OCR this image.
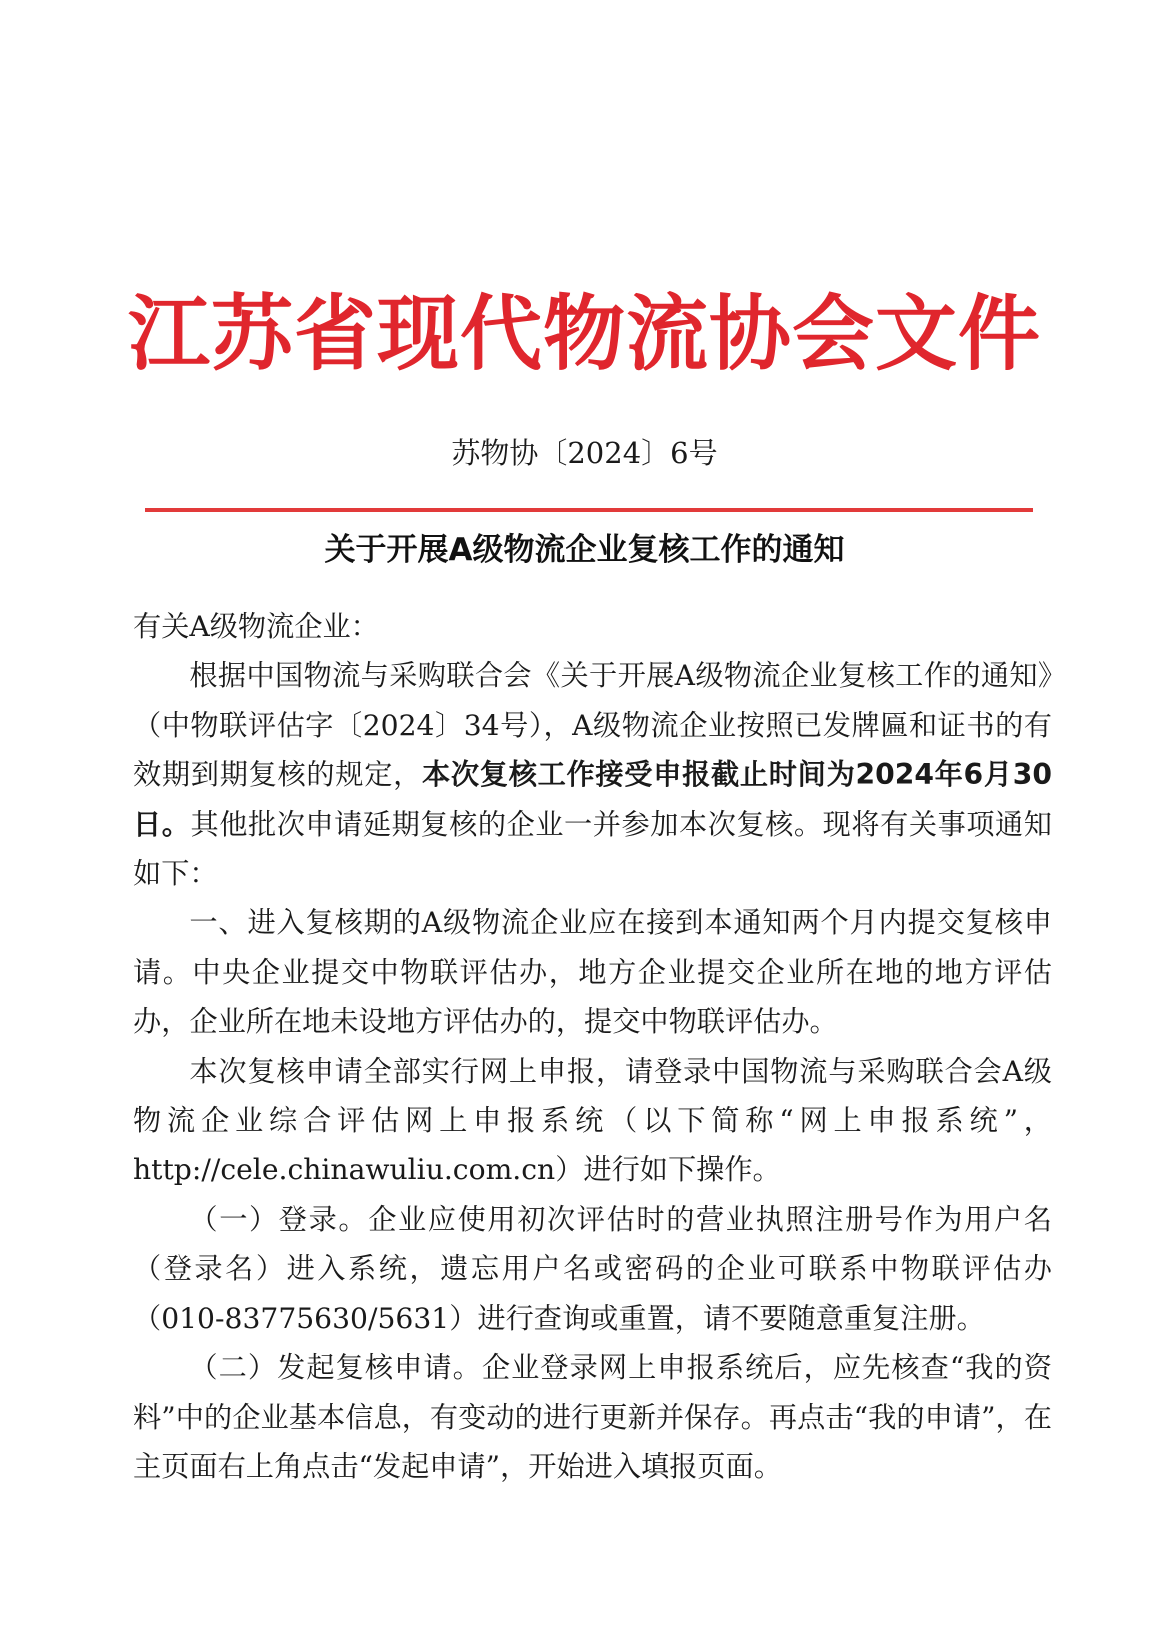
江苏省现代物流协会文件
苏物协〔2024〕6号
关于开展A级物流企业复核工作的通知

有关A级物流企业：

根据中国物流与采购联合会《关于开展A级物流企业复核工作的通知》（中物联评估字〔2024〕34号），A级物流企业按照已发牌匾和证书的有效期到期复核的规定，本次复核工作接受申报截止时间为2024年6月30日。其他批次申请延期复核的企业一并参加本次复核。现将有关事项通知如下：

一、进入复核期的A级物流企业应在接到本通知两个月内提交复核申请。中央企业提交中物联评估办，地方企业提交企业所在地的地方评估办，企业所在地未设地方评估办的，提交中物联评估办。

本次复核申请全部实行网上申报，请登录中国物流与采购联合会A级物流企业综合评估网上申报系统（以下简称“网上申报系统”，http://cele.chinawuliu.com.cn）进行如下操作。

（一）登录。企业应使用初次评估时的营业执照注册号作为用户名（登录名）进入系统，遗忘用户名或密码的企业可联系中物联评估办（010-83775630/5631）进行查询或重置，请不要随意重复注册。

（二）发起复核申请。企业登录网上申报系统后，应先核查“我的资料”中的企业基本信息，有变动的进行更新并保存。再点击“我的申请”，在主页面右上角点击“发起申请”，开始进入填报页面。
